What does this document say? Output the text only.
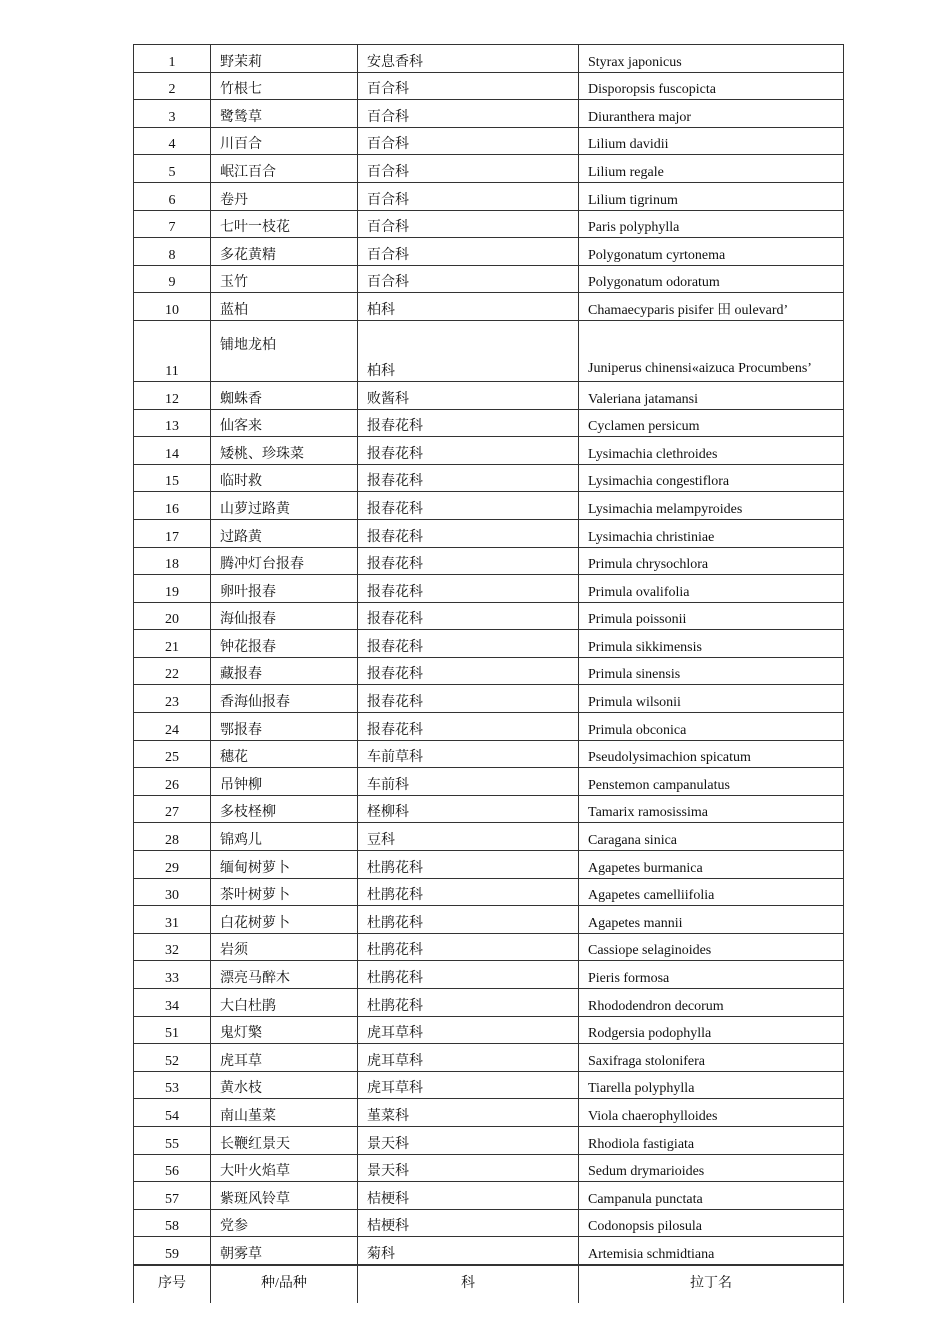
1	野茉莉	安息香科	Styrax japonicus
2	竹根七	百合科	Disporopsis fuscopicta
3	鹭鸶草	百合科	Diuranthera major
4	川百合	百合科	Lilium davidii
5	岷江百合	百合科	Lilium regale
6	卷丹	百合科	Lilium tigrinum
7	七叶一枝花	百合科	Paris polyphylla
8	多花黄精	百合科	Polygonatum cyrtonema
9	玉竹	百合科	Polygonatum odoratum
10	蓝柏	柏科	Chamaecyparis pisifer 田 oulevard’
11	铺地龙柏	柏科	Juniperus chinensi«aizuca Procumbens’
12	蜘蛛香	败酱科	Valeriana jatamansi
13	仙客来	报春花科	Cyclamen persicum
14	矮桃、珍珠菜	报春花科	Lysimachia clethroides
15	临时救	报春花科	Lysimachia congestiflora
16	山萝过路黄	报春花科	Lysimachia melampyroides
17	过路黄	报春花科	Lysimachia christiniae
18	腾冲灯台报春	报春花科	Primula chrysochlora
19	卵叶报春	报春花科	Primula ovalifolia
20	海仙报春	报春花科	Primula poissonii
21	钟花报春	报春花科	Primula sikkimensis
22	藏报春	报春花科	Primula sinensis
23	香海仙报春	报春花科	Primula wilsonii
24	鄂报春	报春花科	Primula obconica
25	穗花	车前草科	Pseudolysimachion spicatum
26	吊钟柳	车前科	Penstemon campanulatus
27	多枝柽柳	柽柳科	Tamarix ramosissima
28	锦鸡儿	豆科	Caragana sinica
29	缅甸树萝卜	杜鹃花科	Agapetes burmanica
30	茶叶树萝卜	杜鹃花科	Agapetes camelliifolia
31	白花树萝卜	杜鹃花科	Agapetes mannii
32	岩须	杜鹃花科	Cassiope selaginoides
33	漂亮马醉木	杜鹃花科	Pieris formosa
34	大白杜鹃	杜鹃花科	Rhododendron decorum
51	鬼灯檠	虎耳草科	Rodgersia podophylla
52	虎耳草	虎耳草科	Saxifraga stolonifera
53	黄水枝	虎耳草科	Tiarella polyphylla
54	南山堇菜	堇菜科	Viola chaerophylloides
55	长鞭红景天	景天科	Rhodiola fastigiata
56	大叶火焰草	景天科	Sedum drymarioides
57	紫斑风铃草	桔梗科	Campanula punctata
58	党参	桔梗科	Codonopsis pilosula
59	朝雾草	菊科	Artemisia schmidtiana
序号	种/品种	科	拉丁名
